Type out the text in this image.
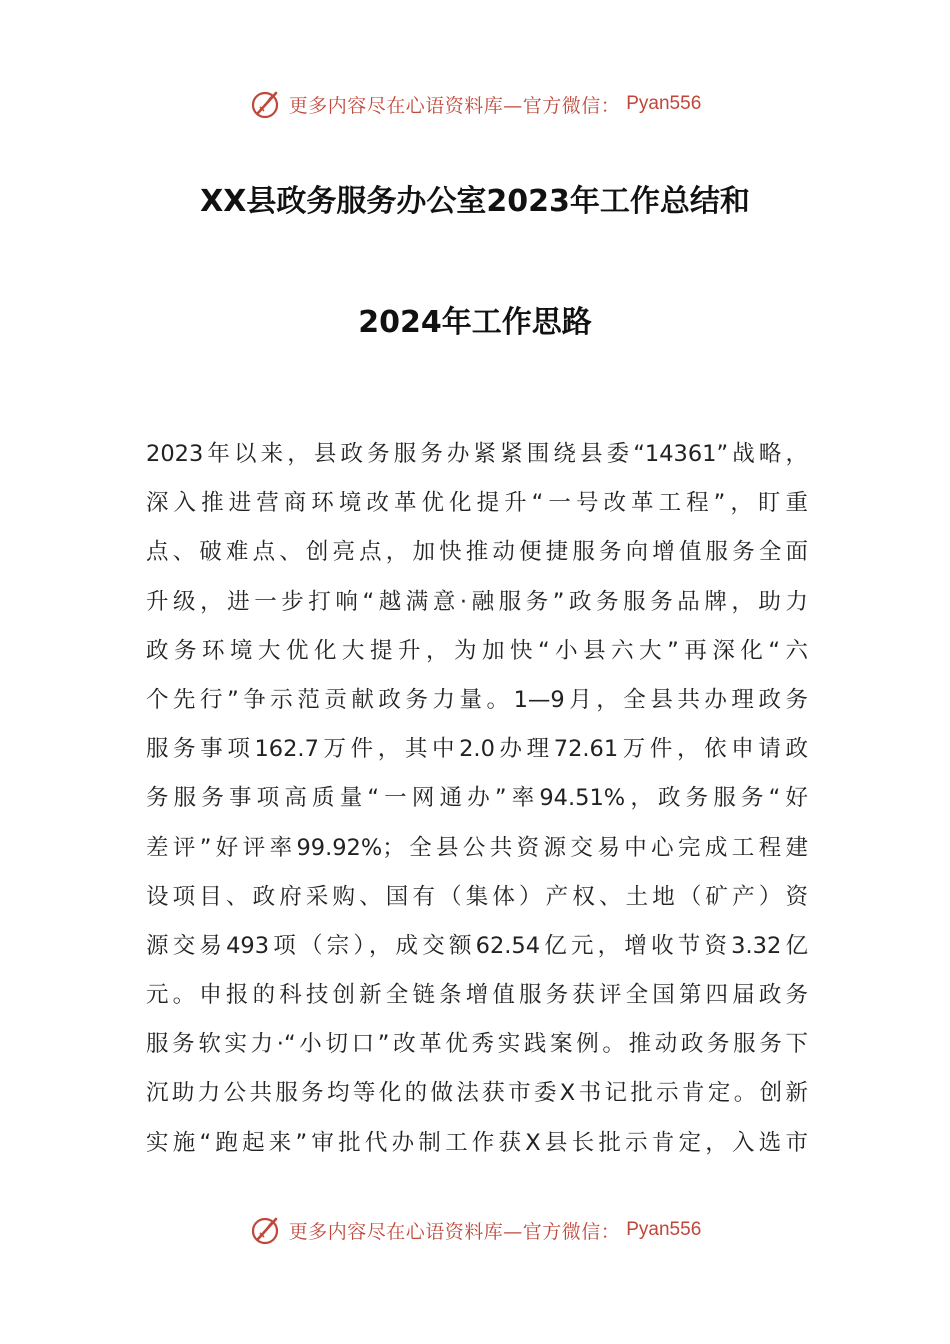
更多内容尽在心语资料库—官方微信： Pyan556
XX县政务服务办公室2023年工作总结和
2024年工作思路
2023年以来，县政务服务办紧紧围绕县委“14361”战略，
深入推进营商环境改革优化提升“一号改革工程”，盯重
点、破难点、创亮点，加快推动便捷服务向增值服务全面
升级，进一步打响“越满意·融服务”政务服务品牌，助力
政务环境大优化大提升，为加快“小县六大”再深化“六
个先行”争示范贡献政务力量。1—9月，全县共办理政务
服务事项162.7万件，其中2.0办理72.61万件，依申请政
务服务事项高质量“一网通办”率94.51%，政务服务“好
差评”好评率99.92%；全县公共资源交易中心完成工程建
设项目、政府采购、国有（集体）产权、土地（矿产）资
源交易493项（宗），成交额62.54亿元，增收节资3.32亿
元。申报的科技创新全链条增值服务获评全国第四届政务
服务软实力·“小切口”改革优秀实践案例。推动政务服务下
沉助力公共服务均等化的做法获市委X书记批示肯定。创新
实施“跑起来”审批代办制工作获X县长批示肯定，入选市
更多内容尽在心语资料库—官方微信： Pyan556
